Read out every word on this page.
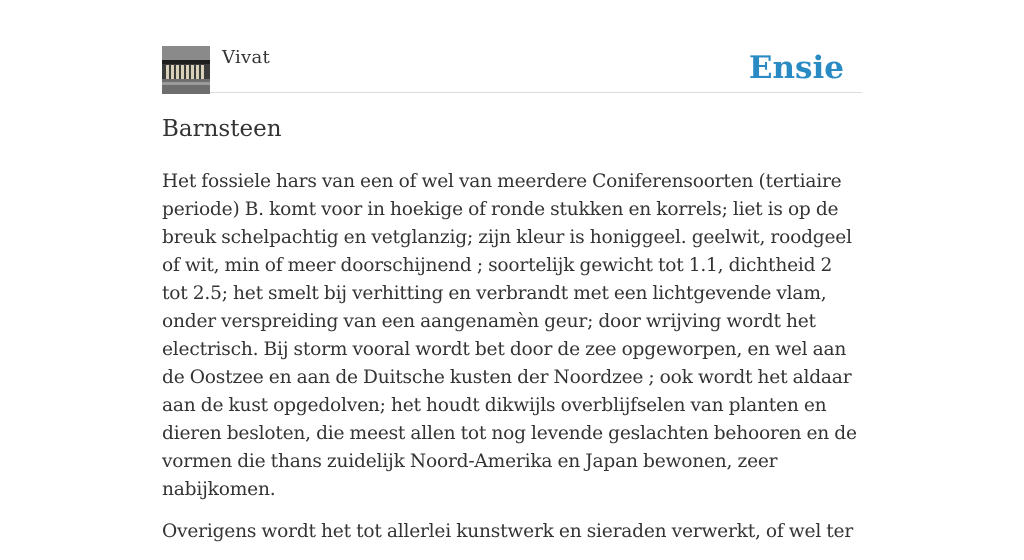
Vivat	Ensie
Barnsteen

Het fossiele hars van een of wel van meerdere Coniferensoorten (tertiaire periode) B. komt voor in hoekige of ronde stukken en korrels; liet is op de breuk schelpachtig en vetglanzig; zijn kleur is honiggeel. geelwit, roodgeel of wit, min of meer doorschijnend ; soortelijk gewicht tot 1.1, dichtheid 2 tot 2.5; het smelt bij verhitting en verbrandt met een lichtgevende vlam, onder verspreiding van een aangenamèn geur; door wrijving wordt het electrisch. Bij storm vooral wordt bet door de zee opgeworpen, en wel aan de Oostzee en aan de Duitsche kusten der Noordzee ; ook wordt het aldaar aan de kust opgedolven; het houdt dikwijls overblijfselen van planten en dieren besloten, die meest allen tot nog levende geslachten behooren en de vormen die thans zuidelijk Noord-Amerika en Japan bewonen, zeer nabijkomen.

Overigens wordt het tot allerlei kunstwerk en sieraden verwerkt, of wel ter
